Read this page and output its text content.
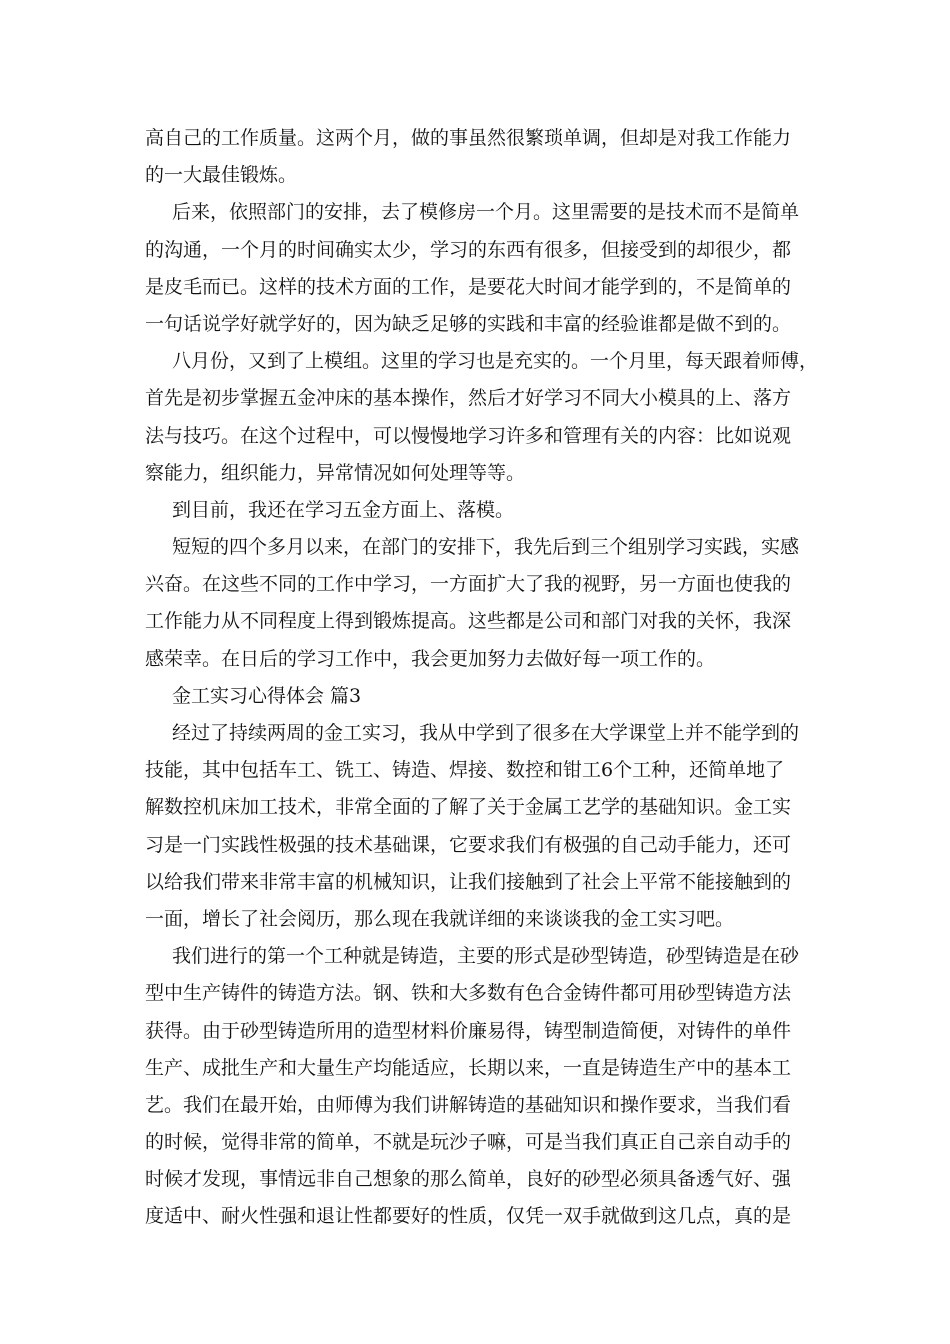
高自己的工作质量。这两个月，做的事虽然很繁琐单调，但却是对我工作能力
的一大最佳锻炼。
后来，依照部门的安排，去了模修房一个月。这里需要的是技术而不是简单
的沟通，一个月的时间确实太少，学习的东西有很多，但接受到的却很少，都
是皮毛而已。这样的技术方面的工作，是要花大时间才能学到的，不是简单的
一句话说学好就学好的，因为缺乏足够的实践和丰富的经验谁都是做不到的。
八月份，又到了上模组。这里的学习也是充实的。一个月里，每天跟着师傅，
首先是初步掌握五金冲床的基本操作，然后才好学习不同大小模具的上、落方
法与技巧。在这个过程中，可以慢慢地学习许多和管理有关的内容：比如说观
察能力，组织能力，异常情况如何处理等等。
到目前，我还在学习五金方面上、落模。
短短的四个多月以来，在部门的安排下，我先后到三个组别学习实践，实感
兴奋。在这些不同的工作中学习，一方面扩大了我的视野，另一方面也使我的
工作能力从不同程度上得到锻炼提高。这些都是公司和部门对我的关怀，我深
感荣幸。在日后的学习工作中，我会更加努力去做好每一项工作的。
金工实习心得体会 篇3
经过了持续两周的金工实习，我从中学到了很多在大学课堂上并不能学到的
技能，其中包括车工、铣工、铸造、焊接、数控和钳工6个工种，还简单地了
解数控机床加工技术，非常全面的了解了关于金属工艺学的基础知识。金工实
习是一门实践性极强的技术基础课，它要求我们有极强的自己动手能力，还可
以给我们带来非常丰富的机械知识，让我们接触到了社会上平常不能接触到的
一面，增长了社会阅历，那么现在我就详细的来谈谈我的金工实习吧。
我们进行的第一个工种就是铸造，主要的形式是砂型铸造，砂型铸造是在砂
型中生产铸件的铸造方法。钢、铁和大多数有色合金铸件都可用砂型铸造方法
获得。由于砂型铸造所用的造型材料价廉易得，铸型制造简便，对铸件的单件
生产、成批生产和大量生产均能适应，长期以来，一直是铸造生产中的基本工
艺。我们在最开始，由师傅为我们讲解铸造的基础知识和操作要求，当我们看
的时候，觉得非常的简单，不就是玩沙子嘛，可是当我们真正自己亲自动手的
时候才发现，事情远非自己想象的那么简单，良好的砂型必须具备透气好、强
度适中、耐火性强和退让性都要好的性质，仅凭一双手就做到这几点，真的是
